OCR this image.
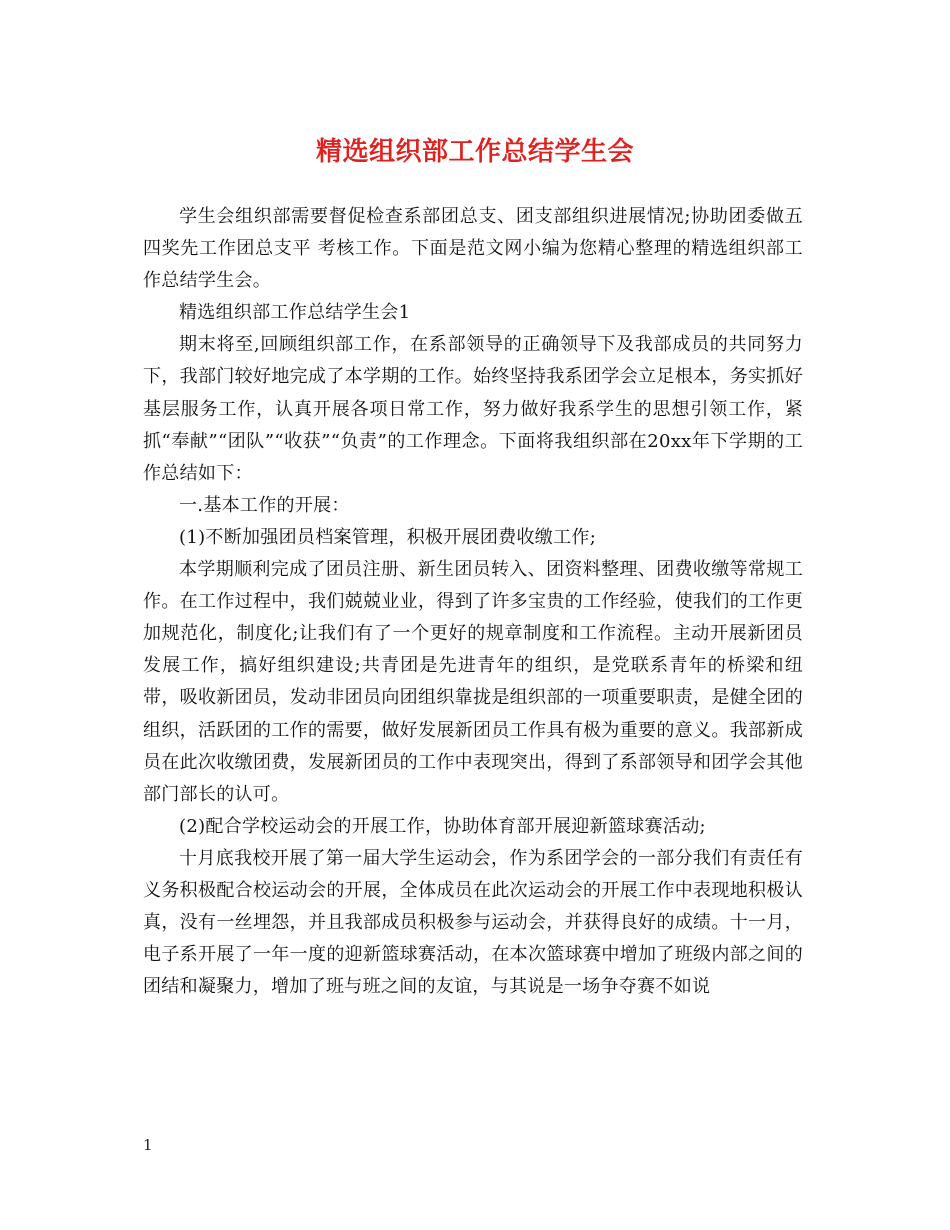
精选组织部工作总结学生会

学生会组织部需要督促检查系部团总支、团支部组织进展情况;协助团委做五四奖先工作团总支平 考核工作。下面是范文网小编为您精心整理的精选组织部工作总结学生会。

精选组织部工作总结学生会1

期末将至,回顾组织部工作，在系部领导的正确领导下及我部成员的共同努力下，我部门较好地完成了本学期的工作。始终坚持我系团学会立足根本，务实抓好基层服务工作，认真开展各项日常工作，努力做好我系学生的思想引领工作，紧抓“奉献”“团队”“收获”“负责”的工作理念。下面将我组织部在20xx年下学期的工作总结如下：

一.基本工作的开展：

(1)不断加强团员档案管理，积极开展团费收缴工作;

本学期顺利完成了团员注册、新生团员转入、团资料整理、团费收缴等常规工作。在工作过程中，我们兢兢业业，得到了许多宝贵的工作经验，使我们的工作更加规范化，制度化;让我们有了一个更好的规章制度和工作流程。主动开展新团员发展工作，搞好组织建设;共青团是先进青年的组织，是党联系青年的桥梁和纽带，吸收新团员，发动非团员向团组织靠拢是组织部的一项重要职责，是健全团的组织，活跃团的工作的需要，做好发展新团员工作具有极为重要的意义。我部新成员在此次收缴团费，发展新团员的工作中表现突出，得到了系部领导和团学会其他部门部长的认可。

(2)配合学校运动会的开展工作，协助体育部开展迎新篮球赛活动;

十月底我校开展了第一届大学生运动会，作为系团学会的一部分我们有责任有义务积极配合校运动会的开展，全体成员在此次运动会的开展工作中表现地积极认真，没有一丝埋怨，并且我部成员积极参与运动会，并获得良好的成绩。十一月，电子系开展了一年一度的迎新篮球赛活动，在本次篮球赛中增加了班级内部之间的团结和凝聚力，增加了班与班之间的友谊，与其说是一场争夺赛不如说

1
